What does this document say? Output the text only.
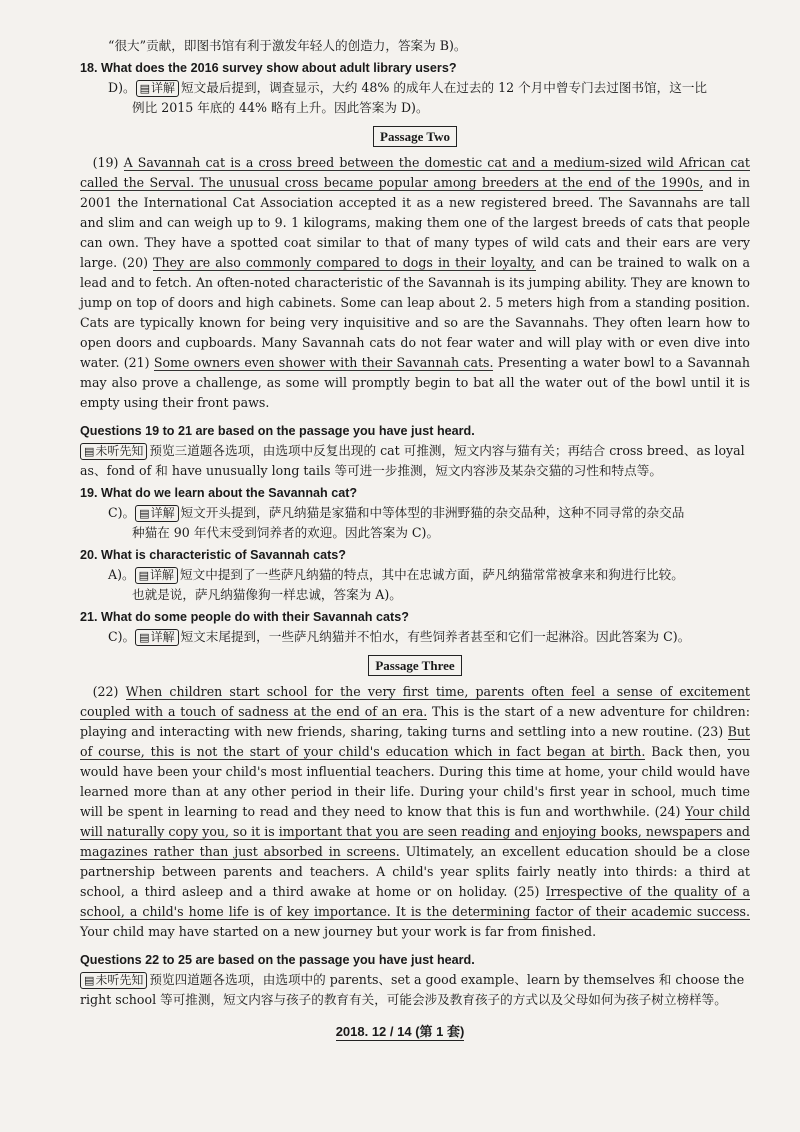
“很大”贡献，即图书馆有利于激发年轻人的创造力，答案为 B)。

18. What does the 2016 survey show about adult library users?

D)。 ▤详解 短文最后提到，调查显示，大约 48% 的成年人在过去的 12 个月中曾专门去过图书馆，这一比

例比 2015 年底的 44% 略有上升。因此答案为 D)。

Passage Two

 (19) A Savannah cat is a cross breed between the domestic cat and a medium-sized wild African cat called the Serval. The unusual cross became popular among breeders at the end of the 1990s, and in 2001 the International Cat Association accepted it as a new registered breed. The Savannahs are tall and slim and can weigh up to 9. 1 kilograms, making them one of the largest breeds of cats that people can own. They have a spotted coat similar to that of many types of wild cats and their ears are very large. (20) They are also commonly compared to dogs in their loyalty, and can be trained to walk on a lead and to fetch. An often-noted characteristic of the Savannah is its jumping ability. They are known to jump on top of doors and high cabinets. Some can leap about 2. 5 meters high from a standing position. Cats are typically known for being very inquisitive and so are the Savannahs. They often learn how to open doors and cupboards. Many Savannah cats do not fear water and will play with or even dive into water. (21) Some owners even shower with their Savannah cats. Presenting a water bowl to a Savannah may also prove a challenge, as some will promptly begin to bat all the water out of the bowl until it is empty using their front paws.

Questions 19 to 21 are based on the passage you have just heard.

▤未听先知 预览三道题各选项，由选项中反复出现的 cat 可推测，短文内容与猫有关；再结合 cross breed、as loyal as、fond of 和 have unusually long tails 等可进一步推测，短文内容涉及某杂交猫的习性和特点等。

19. What do we learn about the Savannah cat?

C)。 ▤详解 短文开头提到，萨凡纳猫是家猫和中等体型的非洲野猫的杂交品种，这种不同寻常的杂交品

种猫在 90 年代末受到饲养者的欢迎。因此答案为 C)。

20. What is characteristic of Savannah cats?

A)。 ▤详解 短文中提到了一些萨凡纳猫的特点，其中在忠诚方面，萨凡纳猫常常被拿来和狗进行比较。

也就是说，萨凡纳猫像狗一样忠诚，答案为 A)。

21. What do some people do with their Savannah cats?

C)。 ▤详解 短文末尾提到，一些萨凡纳猫并不怕水，有些饲养者甚至和它们一起淋浴。因此答案为 C)。

Passage Three

 (22) When children start school for the very first time, parents often feel a sense of excitement coupled with a touch of sadness at the end of an era. This is the start of a new adventure for children: playing and interacting with new friends, sharing, taking turns and settling into a new routine. (23) But of course, this is not the start of your child's education which in fact began at birth. Back then, you would have been your child's most influential teachers. During this time at home, your child would have learned more than at any other period in their life. During your child's first year in school, much time will be spent in learning to read and they need to know that this is fun and worthwhile. (24) Your child will naturally copy you, so it is important that you are seen reading and enjoying books, newspapers and magazines rather than just absorbed in screens. Ultimately, an excellent education should be a close partnership between parents and teachers. A child's year splits fairly neatly into thirds: a third at school, a third asleep and a third awake at home or on holiday. (25) Irrespective of the quality of a school, a child's home life is of key importance. It is the determining factor of their academic success. Your child may have started on a new journey but your work is far from finished.

Questions 22 to 25 are based on the passage you have just heard.

▤未听先知 预览四道题各选项，由选项中的 parents、set a good example、learn by themselves 和 choose the right school 等可推测，短文内容与孩子的教育有关，可能会涉及教育孩子的方式以及父母如何为孩子树立榜样等。

2018. 12 / 14 (第 1 套)
